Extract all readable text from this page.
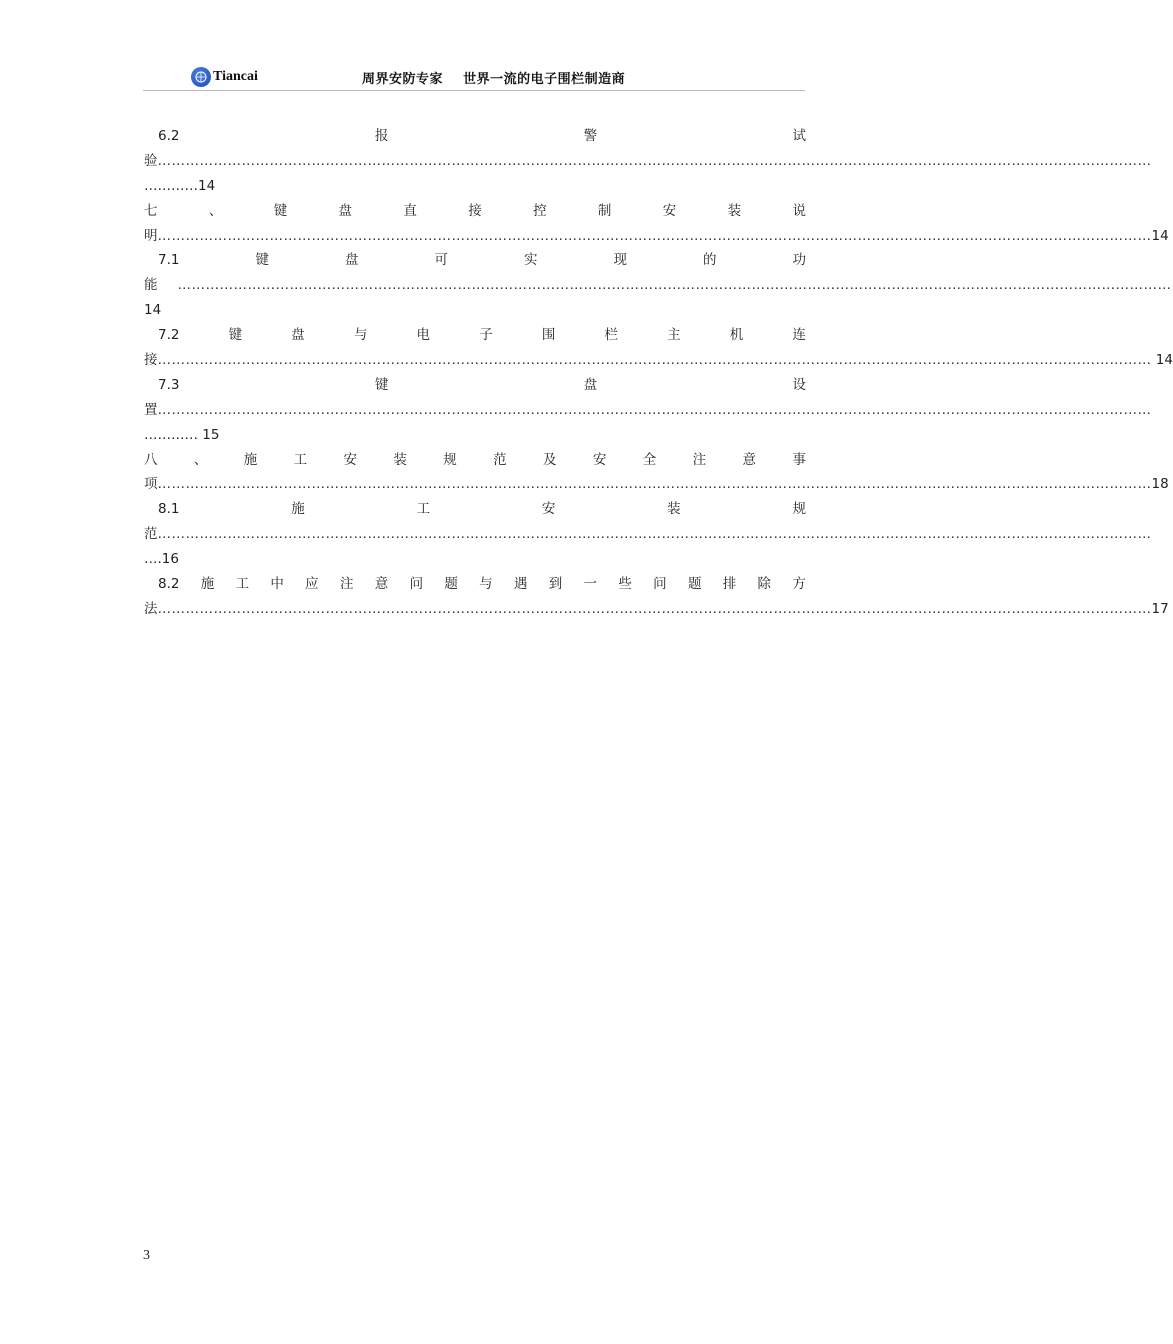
Tiancai	周界安防专家    世界一流的电子围栏制造商
6.2	报	警	试
验 ……………………………………………………………………………………………………………………………………………………………………………………………
…………14
七	、	键	盘	直	接	控	制	安	装	说
明 …………………………………………………………………………………………………………………………………………………………………………………………… 14
7.1	键	盘	可	实	现	的	功
能 ……………………………………………………………………………………………………………………………………………………………………………………………
14
7.2	键	盘	与	电	子	围	栏	主	机	连
接 …………………………………………………………………………………………………………………………………………………………………………………………… 14
7.3	键	盘	设
置 ……………………………………………………………………………………………………………………………………………………………………………………………
………… 15
八	、	施	工	安	装	规	范	及	安	全	注	意	事
项 …………………………………………………………………………………………………………………………………………………………………………………………… 18
8.1	施	工	安	装	规
范 ……………………………………………………………………………………………………………………………………………………………………………………………
….16
8.2 施 工 中 应 注 意 问 题 与 遇 到 一 些 问 题 排 除 方
法 …………………………………………………………………………………………………………………………………………………………………………………………… 17
3
